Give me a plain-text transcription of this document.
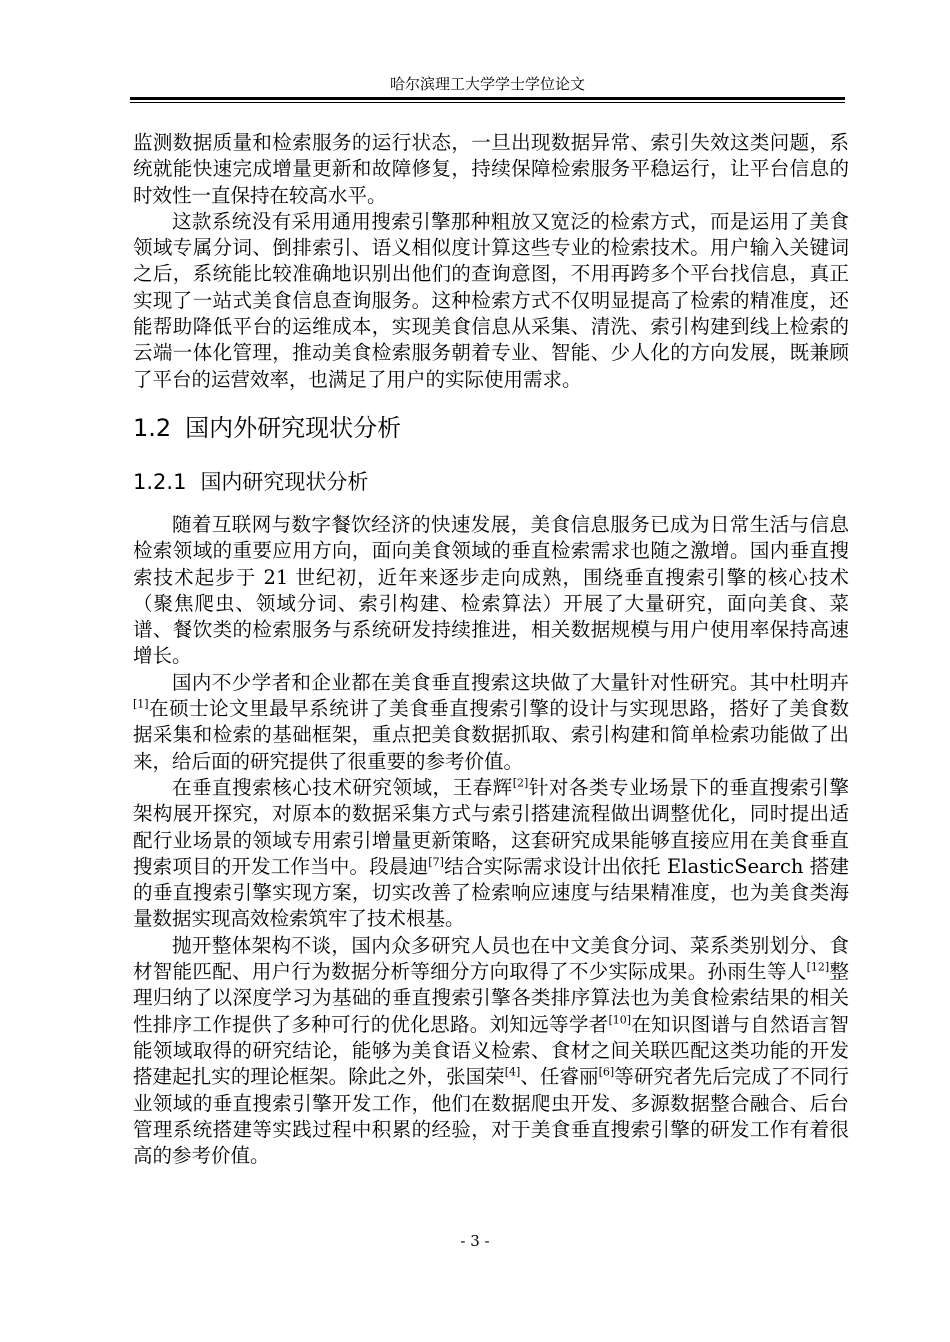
哈尔滨理工大学学士学位论文

监测数据质量和检索服务的运行状态，一旦出现数据异常、索引失效这类问题，系统就能快速完成增量更新和故障修复，持续保障检索服务平稳运行，让平台信息的时效性一直保持在较高水平。

这款系统没有采用通用搜索引擎那种粗放又宽泛的检索方式，而是运用了美食领域专属分词、倒排索引、语义相似度计算这些专业的检索技术。用户输入关键词之后，系统能比较准确地识别出他们的查询意图，不用再跨多个平台找信息，真正实现了一站式美食信息查询服务。这种检索方式不仅明显提高了检索的精准度，还能帮助降低平台的运维成本，实现美食信息从采集、清洗、索引构建到线上检索的云端一体化管理，推动美食检索服务朝着专业、智能、少人化的方向发展，既兼顾了平台的运营效率，也满足了用户的实际使用需求。

1.2 国内外研究现状分析
1.2.1 国内研究现状分析

随着互联网与数字餐饮经济的快速发展，美食信息服务已成为日常生活与信息检索领域的重要应用方向，面向美食领域的垂直检索需求也随之激增。国内垂直搜索技术起步于 21 世纪初，近年来逐步走向成熟，围绕垂直搜索引擎的核心技术（聚焦爬虫、领域分词、索引构建、检索算法）开展了大量研究，面向美食、菜谱、餐饮类的检索服务与系统研发持续推进，相关数据规模与用户使用率保持高速增长。

国内不少学者和企业都在美食垂直搜索这块做了大量针对性研究。其中杜明卉[1]在硕士论文里最早系统讲了美食垂直搜索引擎的设计与实现思路，搭好了美食数据采集和检索的基础框架，重点把美食数据抓取、索引构建和简单检索功能做了出来，给后面的研究提供了很重要的参考价值。

在垂直搜索核心技术研究领域，王春辉[2]针对各类专业场景下的垂直搜索引擎架构展开探究，对原本的数据采集方式与索引搭建流程做出调整优化，同时提出适配行业场景的领域专用索引增量更新策略，这套研究成果能够直接应用在美食垂直搜索项目的开发工作当中。段晨迪[7]结合实际需求设计出依托 ElasticSearch 搭建的垂直搜索引擎实现方案，切实改善了检索响应速度与结果精准度，也为美食类海量数据实现高效检索筑牢了技术根基。

抛开整体架构不谈，国内众多研究人员也在中文美食分词、菜系类别划分、食材智能匹配、用户行为数据分析等细分方向取得了不少实际成果。孙雨生等人[12]整理归纳了以深度学习为基础的垂直搜索引擎各类排序算法也为美食检索结果的相关性排序工作提供了多种可行的优化思路。刘知远等学者[10]在知识图谱与自然语言智能领域取得的研究结论，能够为美食语义检索、食材之间关联匹配这类功能的开发搭建起扎实的理论框架。除此之外，张国荣[4]、任睿丽[6]等研究者先后完成了不同行业领域的垂直搜索引擎开发工作，他们在数据爬虫开发、多源数据整合融合、后台管理系统搭建等实践过程中积累的经验，对于美食垂直搜索引擎的研发工作有着很高的参考价值。

- 3 -
